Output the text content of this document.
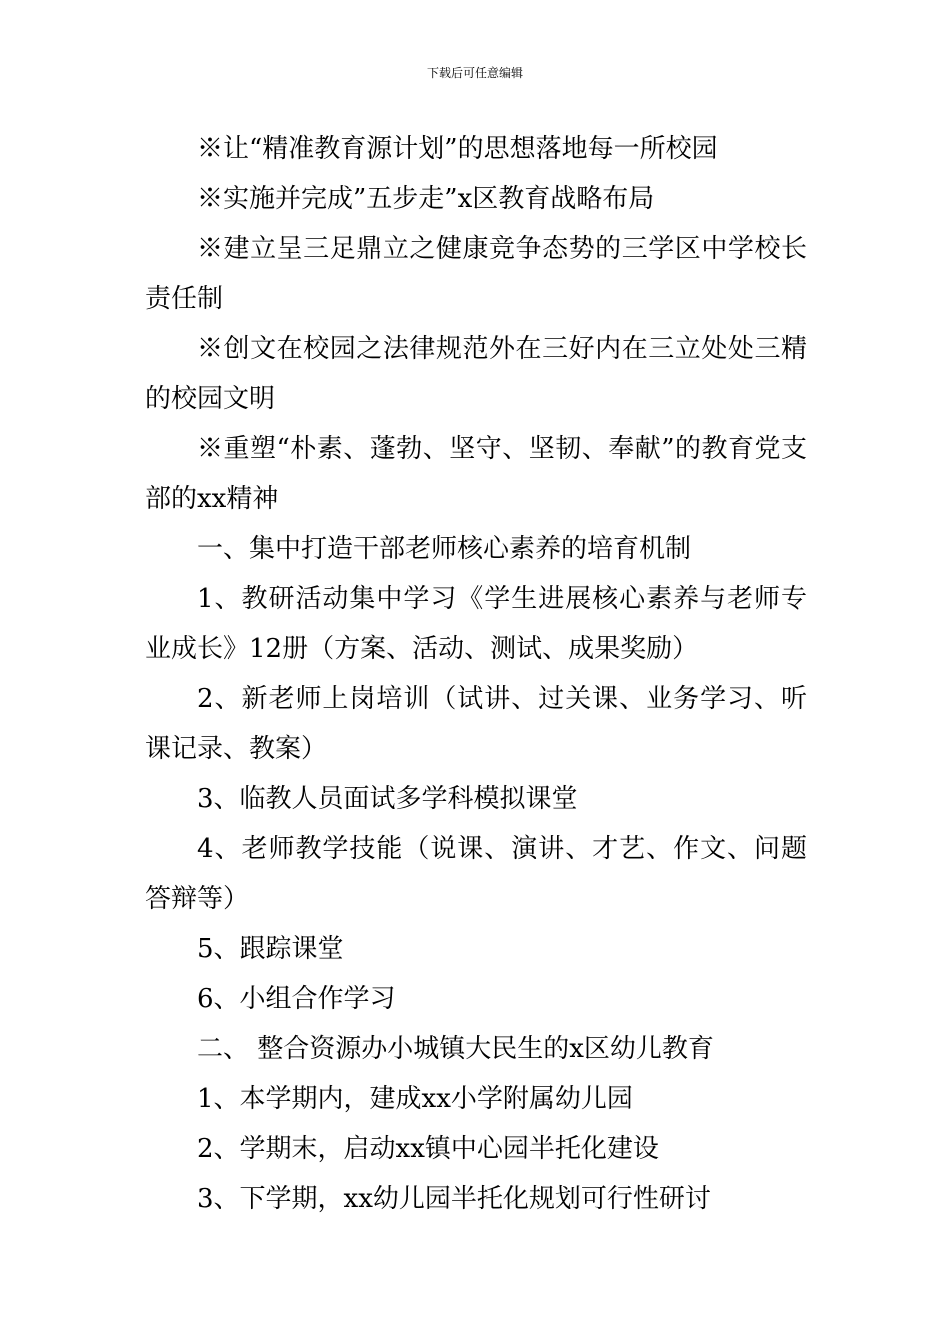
下载后可任意编辑

※让“精准教育源计划”的思想落地每一所校园

※实施并完成”五步走”x区教育战略布局

※建立呈三足鼎立之健康竞争态势的三学区中学校长责任制

※创文在校园之法律规范外在三好内在三立处处三精的校园文明

※重塑“朴素、蓬勃、坚守、坚韧、奉献”的教育党支部的xx精神

一、集中打造干部老师核心素养的培育机制

1、教研活动集中学习《学生进展核心素养与老师专业成长》12册（方案、活动、测试、成果奖励）

2、新老师上岗培训（试讲、过关课、业务学习、听课记录、教案）

3、临教人员面试多学科模拟课堂

4、老师教学技能（说课、演讲、才艺、作文、问题答辩等）

5、跟踪课堂

6、小组合作学习

二、 整合资源办小城镇大民生的x区幼儿教育

1、本学期内，建成xx小学附属幼儿园

2、学期末，启动xx镇中心园半托化建设

3、下学期，xx幼儿园半托化规划可行性研讨
